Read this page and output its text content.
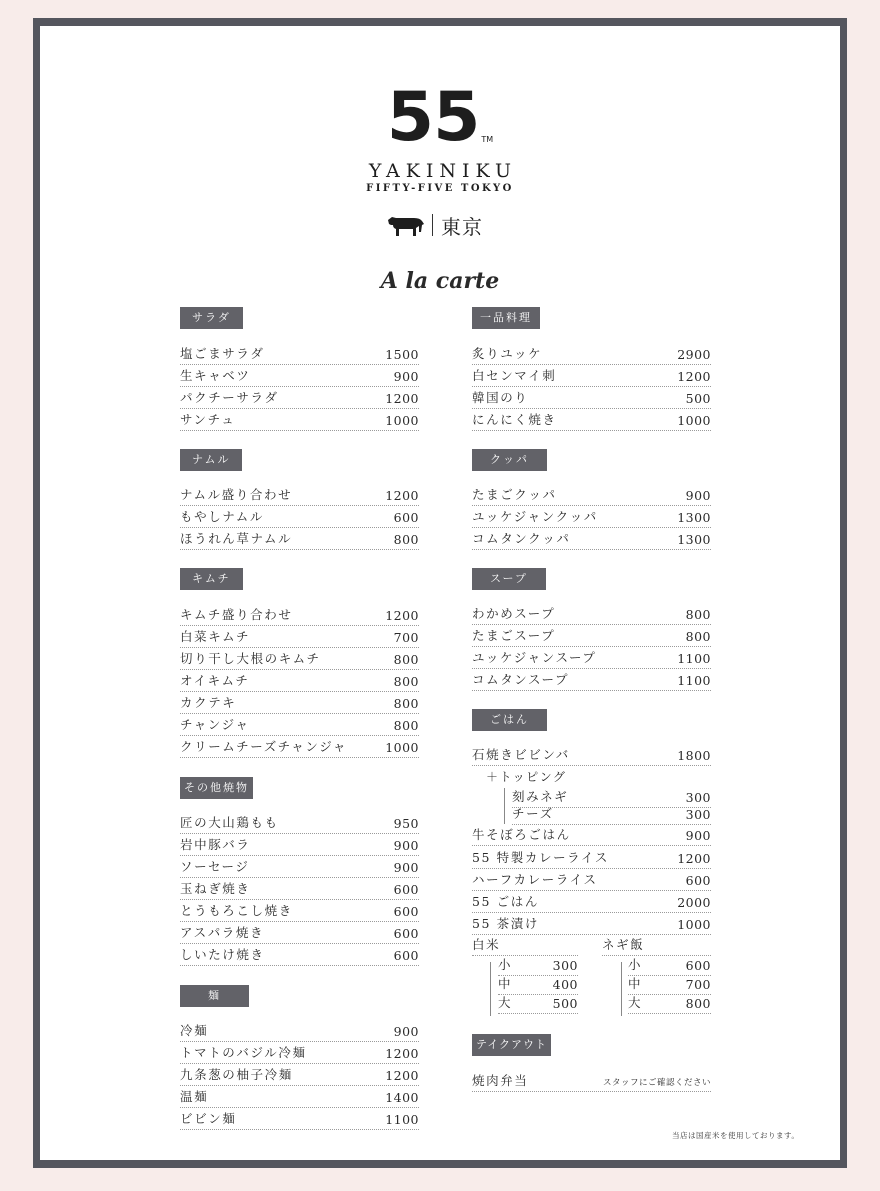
55 TM
YAKINIKU
FIFTY-FIVE TOKYO
東京
A la carte
サラダ
塩ごまサラダ	1500
生キャベツ	900
パクチーサラダ	1200
サンチュ	1000
ナムル
ナムル盛り合わせ	1200
もやしナムル	600
ほうれん草ナムル	800
キムチ
キムチ盛り合わせ	1200
白菜キムチ	700
切り干し大根のキムチ	800
オイキムチ	800
カクテキ	800
チャンジャ	800
クリームチーズチャンジャ	1000
その他焼物
匠の大山鶏もも	950
岩中豚バラ	900
ソーセージ	900
玉ねぎ焼き	600
とうもろこし焼き	600
アスパラ焼き	600
しいたけ焼き	600
麺
冷麺	900
トマトのバジル冷麺	1200
九条葱の柚子冷麺	1200
温麺	1400
ビビン麺	1100
一品料理
炙りユッケ	2900
白センマイ刺	1200
韓国のり	500
にんにく焼き	1000
クッパ
たまごクッパ	900
ユッケジャンクッパ	1300
コムタンクッパ	1300
スープ
わかめスープ	800
たまごスープ	800
ユッケジャンスープ	1100
コムタンスープ	1100
ごはん
石焼きビビンバ	1800
＋トッピング
刻みネギ	300
チーズ	300
牛そぼろごはん	900
55 特製カレーライス	1200
ハーフカレーライス	600
55 ごはん	2000
55 茶漬け	1000
白米
小	300
中	400
大	500
ネギ飯
小	600
中	700
大	800
テイクアウト
焼肉弁当	スタッフにご確認ください
当店は国産米を使用しております。
